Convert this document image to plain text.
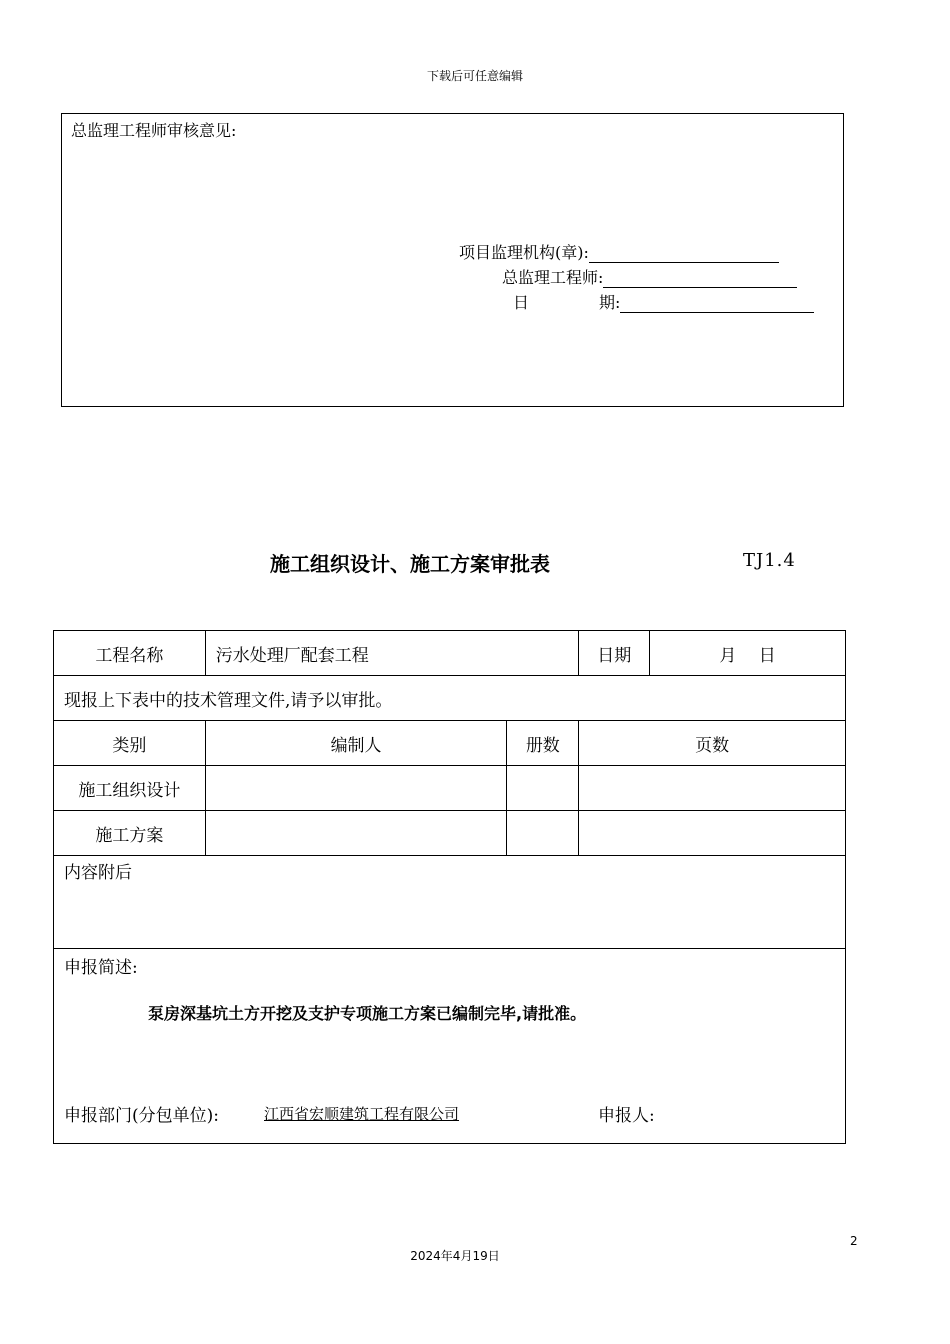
下载后可任意编辑
总监理工程师审核意见:
项目监理机构(章):
总监理工程师:
日	期:
施工组织设计、施工方案审批表	TJ1.4
工程名称	污水处理厂配套工程		日期	月　 日
现报上下表中的技术管理文件,请予以审批。				
类别	编制人	册数	页数	
施工组织设计				
施工方案				
内容附后				

申报简述:
泵房深基坑土方开挖及支护专项施工方案已编制完毕,请批准。
申报部门(分包单位): 江西省宏顺建筑工程有限公司 申报人:				
2
2024年4月19日
